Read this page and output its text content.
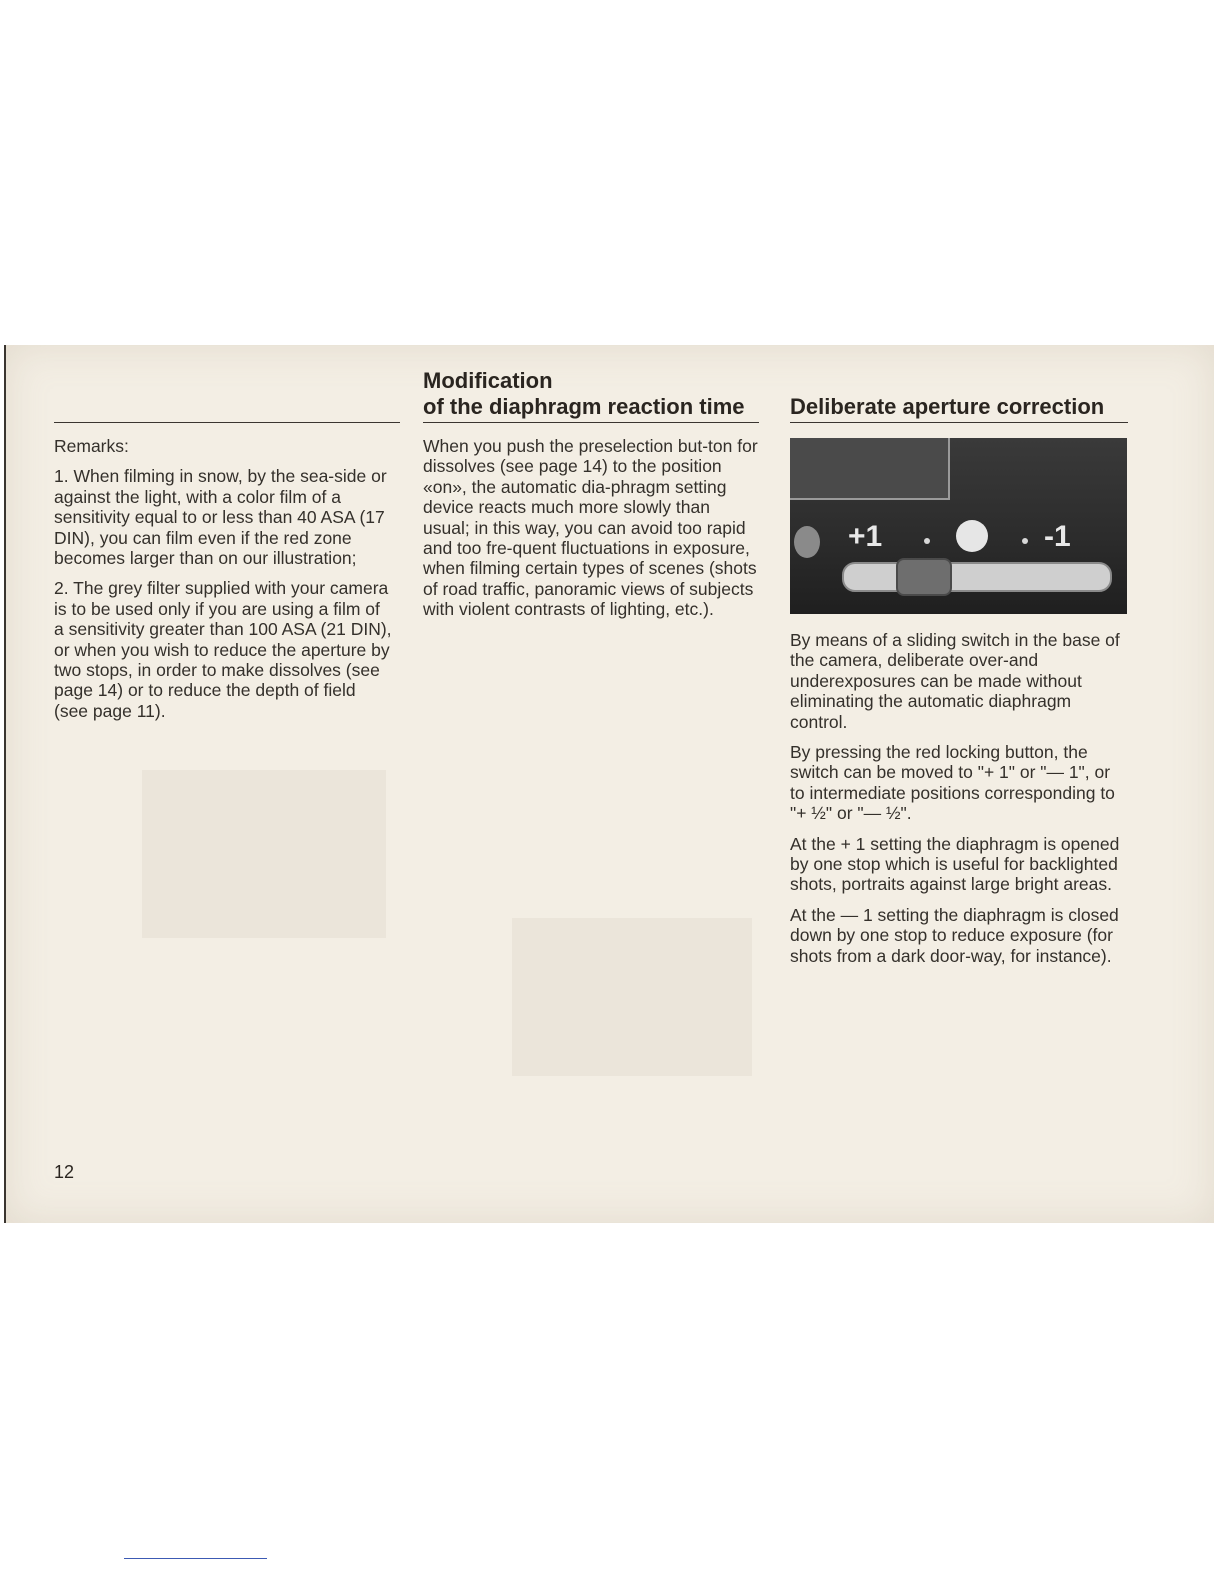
Modification
of the diaphragm reaction time	Deliberate aperture correction

Remarks:

1. When filming in snow, by the sea-side or against the light, with a color film of a sensitivity equal to or less than 40 ASA (17 DIN), you can film even if the red zone becomes larger than on our illustration;

2. The grey filter supplied with your camera is to be used only if you are using a film of a sensitivity greater than 100 ASA (21 DIN), or when you wish to reduce the aperture by two stops, in order to make dissolves (see page 14) or to reduce the depth of field (see page 11).

When you push the preselection but-ton for dissolves (see page 14) to the position «on», the automatic dia-phragm setting device reacts much more slowly than usual; in this way, you can avoid too rapid and too fre-quent fluctuations in exposure, when filming certain types of scenes (shots of road traffic, panoramic views of subjects with violent contrasts of lighting, etc.).

+1	-1

By means of a sliding switch in the base of the camera, deliberate over-and underexposures can be made without eliminating the automatic diaphragm control.

By pressing the red locking button, the switch can be moved to "+ 1" or "— 1", or to intermediate positions corresponding to "+ ½" or "— ½".

At the + 1 setting the diaphragm is opened by one stop which is useful for backlighted shots, portraits against large bright areas.

At the — 1 setting the diaphragm is closed down by one stop to reduce exposure (for shots from a dark door-way, for instance).

12
